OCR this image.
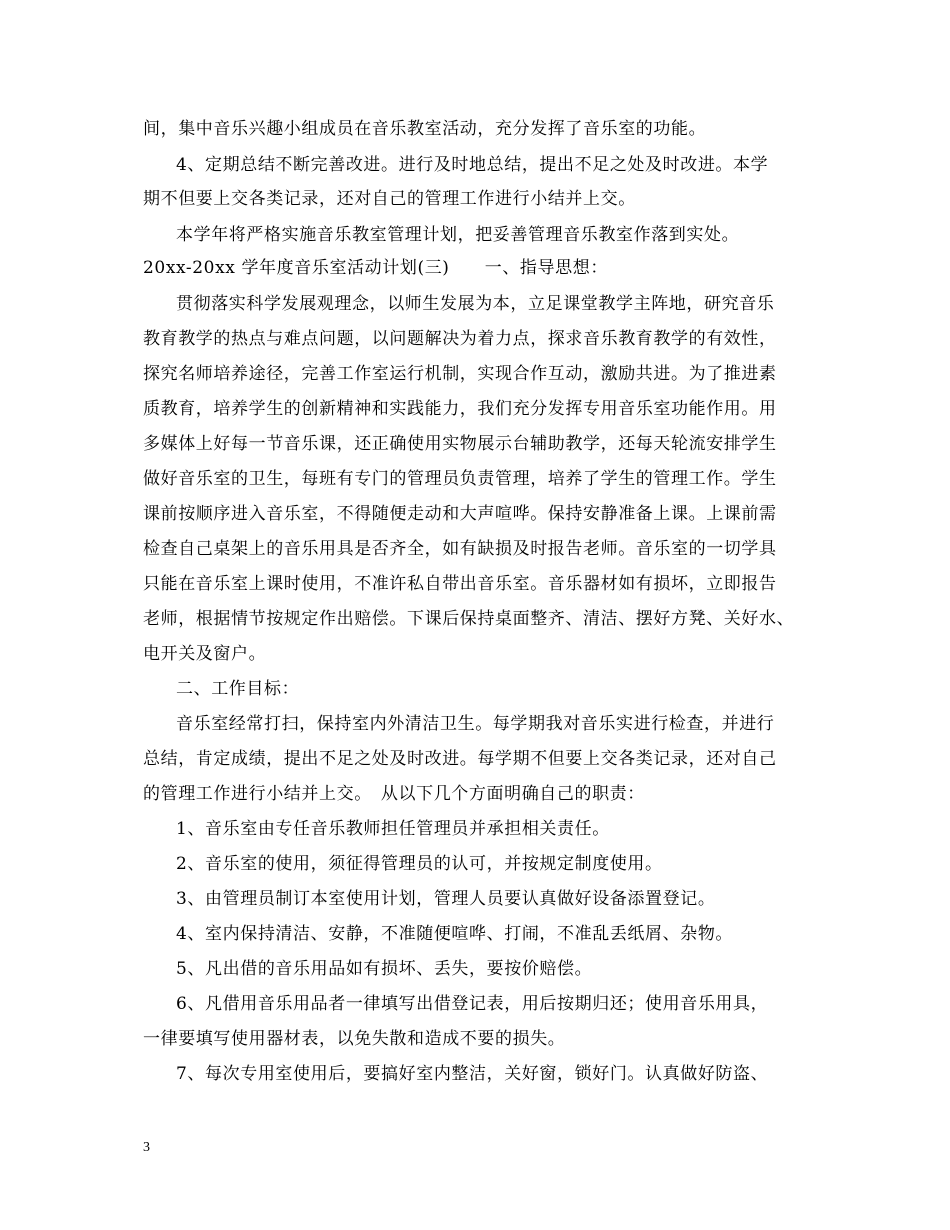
间，集中音乐兴趣小组成员在音乐教室活动，充分发挥了音乐室的功能。
4、定期总结不断完善改进。进行及时地总结，提出不足之处及时改进。本学
期不但要上交各类记录，还对自己的管理工作进行小结并上交。
本学年将严格实施音乐教室管理计划，把妥善管理音乐教室作落到实处。
20xx-20xx 学年度音乐室活动计划(三)　　一、指导思想：
贯彻落实科学发展观理念，以师生发展为本，立足课堂教学主阵地，研究音乐
教育教学的热点与难点问题，以问题解决为着力点，探求音乐教育教学的有效性，
探究名师培养途径，完善工作室运行机制，实现合作互动，激励共进。为了推进素
质教育，培养学生的创新精神和实践能力，我们充分发挥专用音乐室功能作用。用
多媒体上好每一节音乐课，还正确使用实物展示台辅助教学，还每天轮流安排学生
做好音乐室的卫生，每班有专门的管理员负责管理，培养了学生的管理工作。学生
课前按顺序进入音乐室，不得随便走动和大声喧哗。保持安静准备上课。上课前需
检查自己桌架上的音乐用具是否齐全，如有缺损及时报告老师。音乐室的一切学具
只能在音乐室上课时使用，不准许私自带出音乐室。音乐器材如有损坏，立即报告
老师，根据情节按规定作出赔偿。下课后保持桌面整齐、清洁、摆好方凳、关好水、
电开关及窗户。
二、工作目标：
音乐室经常打扫，保持室内外清洁卫生。每学期我对音乐实进行检查，并进行
总结，肯定成绩，提出不足之处及时改进。每学期不但要上交各类记录，还对自己
的管理工作进行小结并上交。　从以下几个方面明确自己的职责：
1、音乐室由专任音乐教师担任管理员并承担相关责任。
2、音乐室的使用，须征得管理员的认可，并按规定制度使用。
3、由管理员制订本室使用计划，管理人员要认真做好设备添置登记。
4、室内保持清洁、安静，不准随便喧哗、打闹，不准乱丢纸屑、杂物。
5、凡出借的音乐用品如有损坏、丢失，要按价赔偿。
6、凡借用音乐用品者一律填写出借登记表，用后按期归还；使用音乐用具，
一律要填写使用器材表，以免失散和造成不要的损失。
7、每次专用室使用后，要搞好室内整洁，关好窗，锁好门。认真做好防盗、
3
